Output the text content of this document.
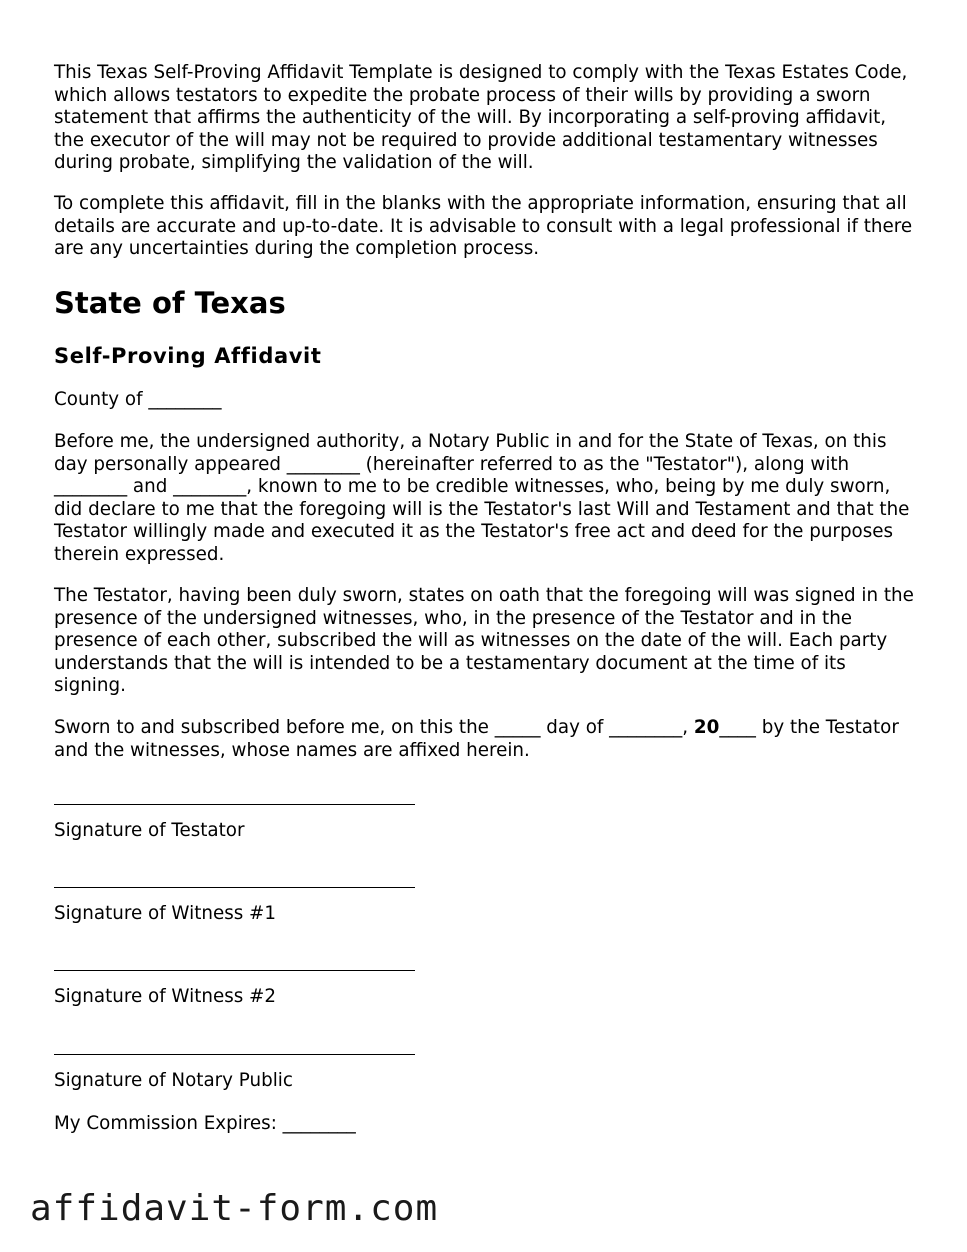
This Texas Self-Proving Affidavit Template is designed to comply with the Texas Estates Code, which allows testators to expedite the probate process of their wills by providing a sworn statement that affirms the authenticity of the will. By incorporating a self-proving affidavit, the executor of the will may not be required to provide additional testamentary witnesses during probate, simplifying the validation of the will.

To complete this affidavit, fill in the blanks with the appropriate information, ensuring that all details are accurate and up-to-date. It is advisable to consult with a legal professional if there are any uncertainties during the completion process.

State of Texas
Self-Proving Affidavit

County of ________

Before me, the undersigned authority, a Notary Public in and for the State of Texas, on this day personally appeared ________ (hereinafter referred to as the "Testator"), along with ________ and ________, known to me to be credible witnesses, who, being by me duly sworn, did declare to me that the foregoing will is the Testator's last Will and Testament and that the Testator willingly made and executed it as the Testator's free act and deed for the purposes therein expressed.

The Testator, having been duly sworn, states on oath that the foregoing will was signed in the presence of the undersigned witnesses, who, in the presence of the Testator and in the presence of each other, subscribed the will as witnesses on the date of the will. Each party understands that the will is intended to be a testamentary document at the time of its signing.

Sworn to and subscribed before me, on this the _____ day of ________, 20____ by the Testator and the witnesses, whose names are affixed herein.

Signature of Testator

Signature of Witness #1

Signature of Witness #2

Signature of Notary Public

My Commission Expires: ________

affidavit-form.com
